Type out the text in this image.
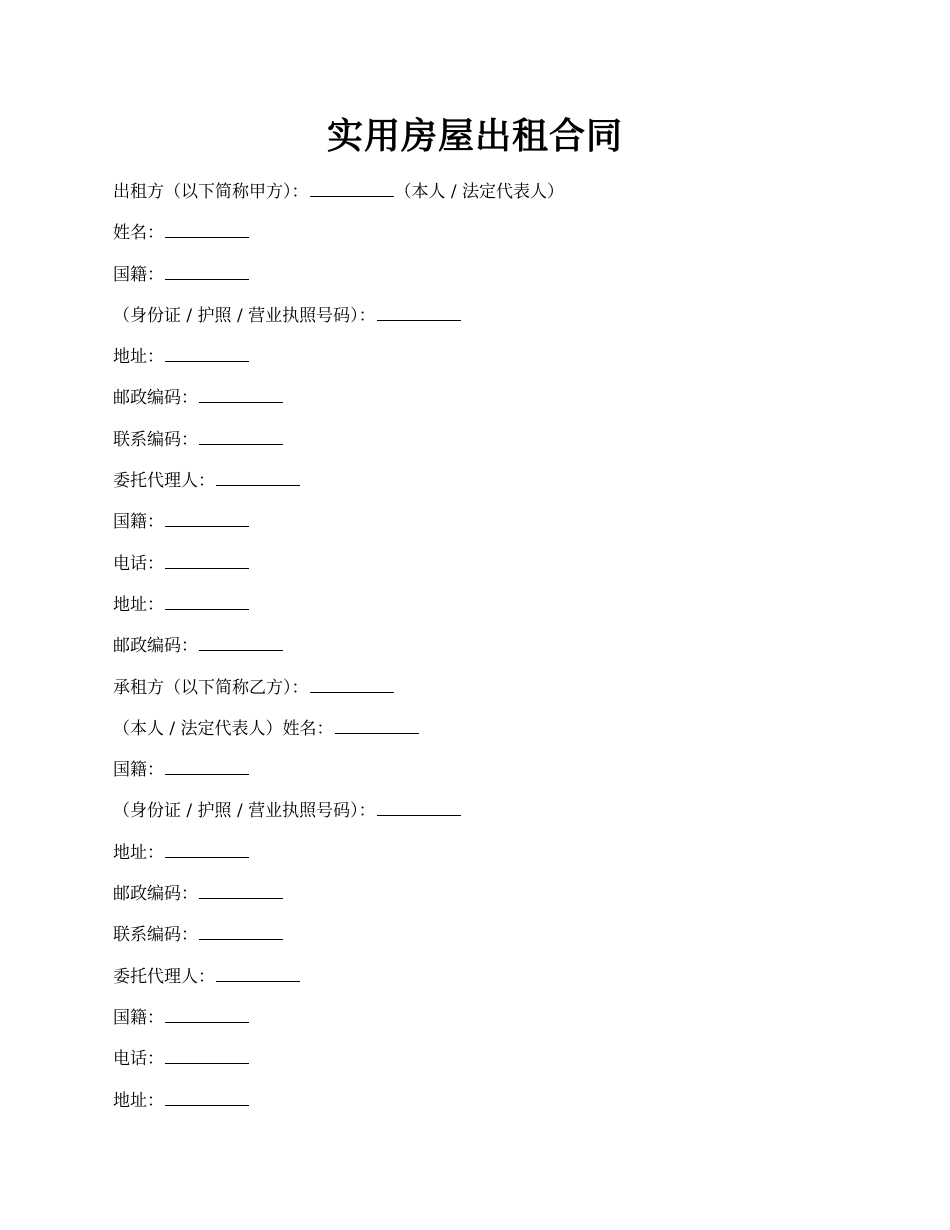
实用房屋出租合同
出租方（以下简称甲方）：	（本人 / 法定代表人）
姓名：
国籍：
（身份证 / 护照 / 营业执照号码）：
地址：
邮政编码：
联系编码：
委托代理人：
国籍：
电话：
地址：
邮政编码：
承租方（以下简称乙方）：
（本人 / 法定代表人）姓名：
国籍：
（身份证 / 护照 / 营业执照号码）：
地址：
邮政编码：
联系编码：
委托代理人：
国籍：
电话：
地址：
